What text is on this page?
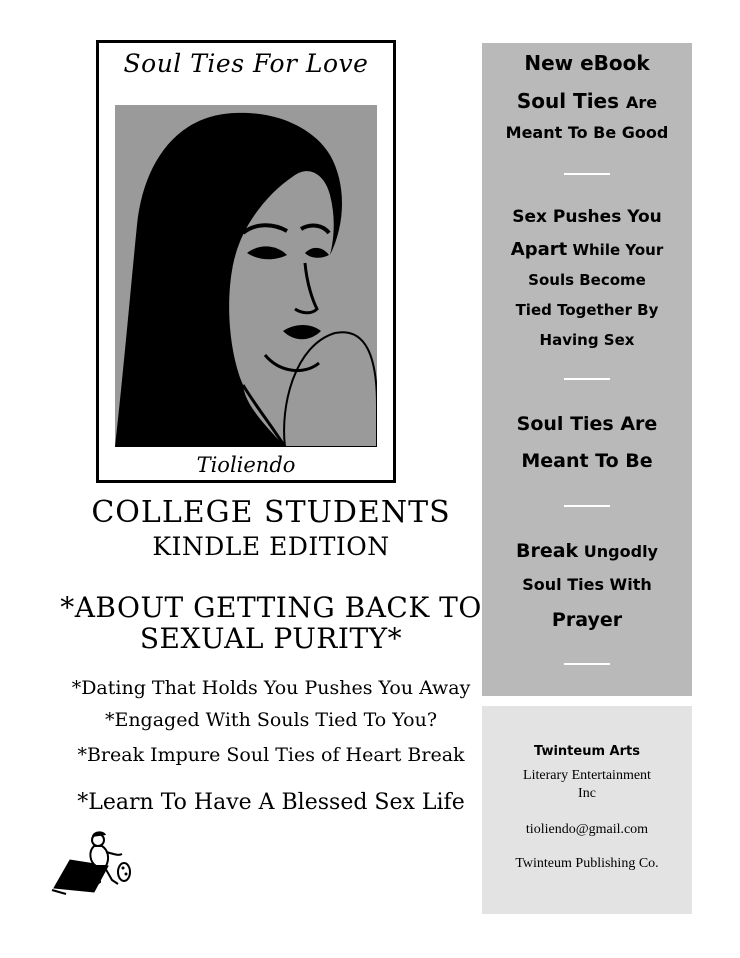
Soul Ties For Love
Tioliendo
COLLEGE STUDENTS
KINDLE EDITION
*ABOUT GETTING BACK TO
SEXUAL PURITY*
*Dating That Holds You Pushes You Away
*Engaged With Souls Tied To You?
*Break Impure Soul Ties of Heart Break
*Learn To Have A Blessed Sex Life
New eBook
Soul Ties Are
Meant To Be Good
Sex Pushes You
Apart While Your
Souls Become
Tied Together By
Having Sex
Soul Ties Are
Meant To Be
Break Ungodly
Soul Ties With
Prayer
Twinteum Arts
Literary Entertainment
Inc
tioliendo@gmail.com
Twinteum Publishing Co.
